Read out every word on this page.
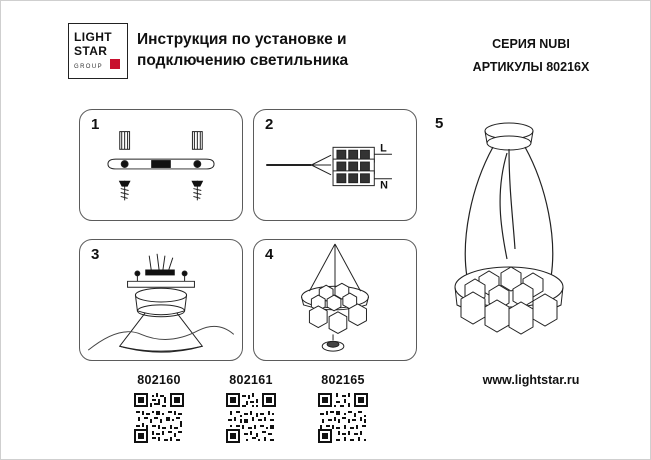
LIGHT
STAR
GROUP
Инструкция по установке и
подключению светильника
СЕРИЯ NUBI
АРТИКУЛЫ 80216X
1	2
L
N
3	4
5
802160	802161	802165	www.lightstar.ru
